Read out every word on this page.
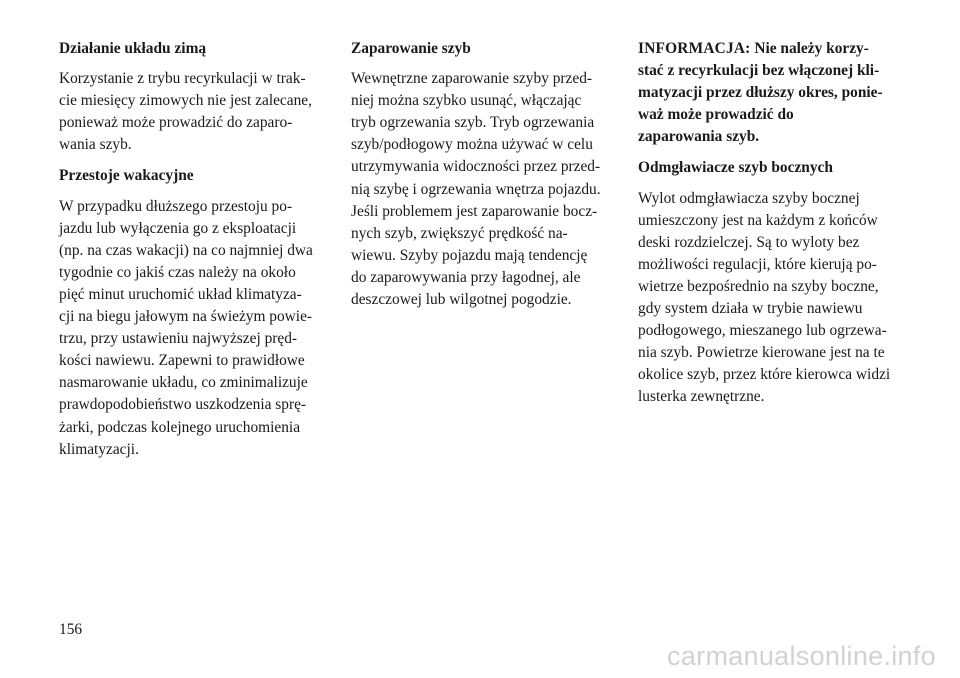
Działanie układu zimą
Korzystanie z trybu recyrkulacji w trak-
cie miesięcy zimowych nie jest zalecane,
ponieważ może prowadzić do zaparo-
wania szyb.
Przestoje wakacyjne
W przypadku dłuższego przestoju po-
jazdu lub wyłączenia go z eksploatacji
(np. na czas wakacji) na co najmniej dwa
tygodnie co jakiś czas należy na około
pięć minut uruchomić układ klimatyza-
cji na biegu jałowym na świeżym powie-
trzu, przy ustawieniu najwyższej pręd-
kości nawiewu. Zapewni to prawidłowe
nasmarowanie układu, co zminimalizuje
prawdopodobieństwo uszkodzenia sprę-
żarki, podczas kolejnego uruchomienia
klimatyzacji.
Zaparowanie szyb
Wewnętrzne zaparowanie szyby przed-
niej można szybko usunąć, włączając
tryb ogrzewania szyb. Tryb ogrzewania
szyb/podłogowy można używać w celu
utrzymywania widoczności przez przed-
nią szybę i ogrzewania wnętrza pojazdu.
Jeśli problemem jest zaparowanie bocz-
nych szyb, zwiększyć prędkość na-
wiewu. Szyby pojazdu mają tendencję
do zaparowywania przy łagodnej, ale
deszczowej lub wilgotnej pogodzie.
INFORMACJA: Nie należy korzy-
stać z recyrkulacji bez włączonej kli-
matyzacji przez dłuższy okres, ponie-
waż może prowadzić do
zaparowania szyb.
Odmgławiacze szyb bocznych
Wylot odmgławiacza szyby bocznej
umieszczony jest na każdym z końców
deski rozdzielczej. Są to wyloty bez
możliwości regulacji, które kierują po-
wietrze bezpośrednio na szyby boczne,
gdy system działa w trybie nawiewu
podłogowego, mieszanego lub ogrzewa-
nia szyb. Powietrze kierowane jest na te
okolice szyb, przez które kierowca widzi
lusterka zewnętrzne.
156
carmanualsonline.info
